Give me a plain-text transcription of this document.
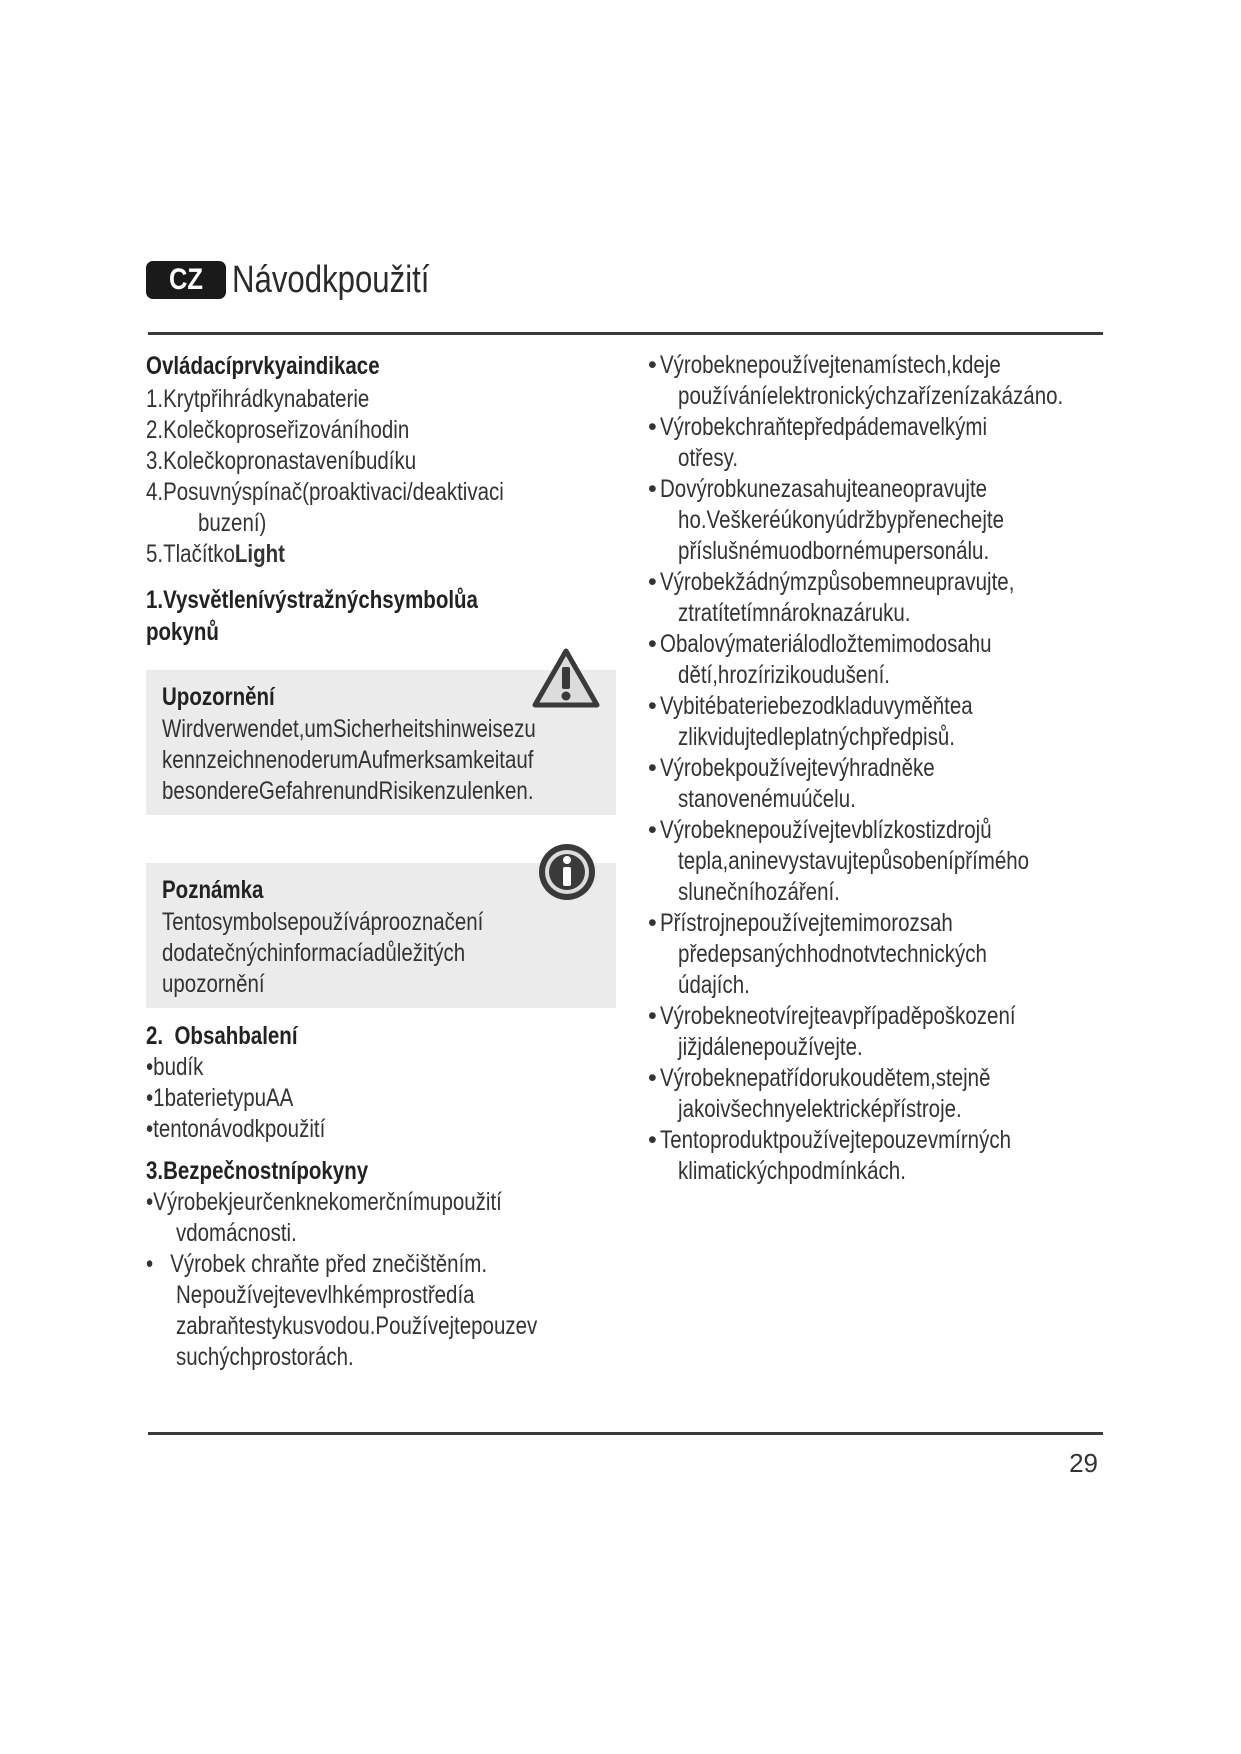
CZ Návodkpoužití
Ovládacíprvkyaindikace
1.Krytpřihrádkynabaterie
2.Kolečkoproseřizováníhodin
3.Kolečkopronastaveníbudíku
4.Posuvnýspínač(proaktivaci/deaktivaci
buzení)
5.TlačítkoLight
1.Vysvětlenívýstražnýchsymbolůa
pokynů
Upozornění
Wirdverwendet,umSicherheitshinweisezu
kennzeichnenoderumAufmerksamkeitauf
besondereGefahrenundRisikenzulenken.
Poznámka
Tentosymbolsepoužíváprooznačení
dodatečnýchinformacíadůležitých
upozornění
2.  Obsahbalení
•budík
•1baterietypuAA
•tentonávodkpoužití
3.Bezpečnostnípokyny
•Výrobekjeurčenknekomerčnímupoužití
vdomácnosti.
•   Výrobek chraňte před znečištěním.
Nepoužívejtevevlhkémprostředía
zabraňtestykusvodou.Používejtepouzev
suchýchprostorách.
• Výrobeknepoužívejtenamístech,kdeje
používáníelektronickýchzařízenízakázáno.
• Výrobekchraňtepředpádemavelkými
otřesy.
• Dovýrobkunezasahujteaneopravujte
ho.Veškeréúkonyúdržbypřenechejte
příslušnémuodbornémupersonálu.
• Výrobekžádnýmzpůsobemneupravujte,
ztratítetímnároknazáruku.
• Obalovýmateriálodložtemimodosahu
dětí,hrozírizikoudušení.
• Vybitébateriebezodkladuvyměňtea
zlikvidujtedleplatnýchpředpisů.
• Výrobekpoužívejtevýhradněke
stanovenémuúčelu.
• Výrobeknepoužívejtevblízkostizdrojů
tepla,aninevystavujtepůsobenípřímého
slunečníhozáření.
• Přístrojnepoužívejtemimorozsah
předepsanýchhodnotvtechnických
údajích.
• Výrobekneotvírejteavpřípaděpoškození
jižjdálenepoužívejte.
• Výrobeknepatřídorukoudětem,stejně
jakoivšechnyelektricképřístroje.
• Tentoproduktpoužívejtepouzevmírných
klimatickýchpodmínkách.
29
